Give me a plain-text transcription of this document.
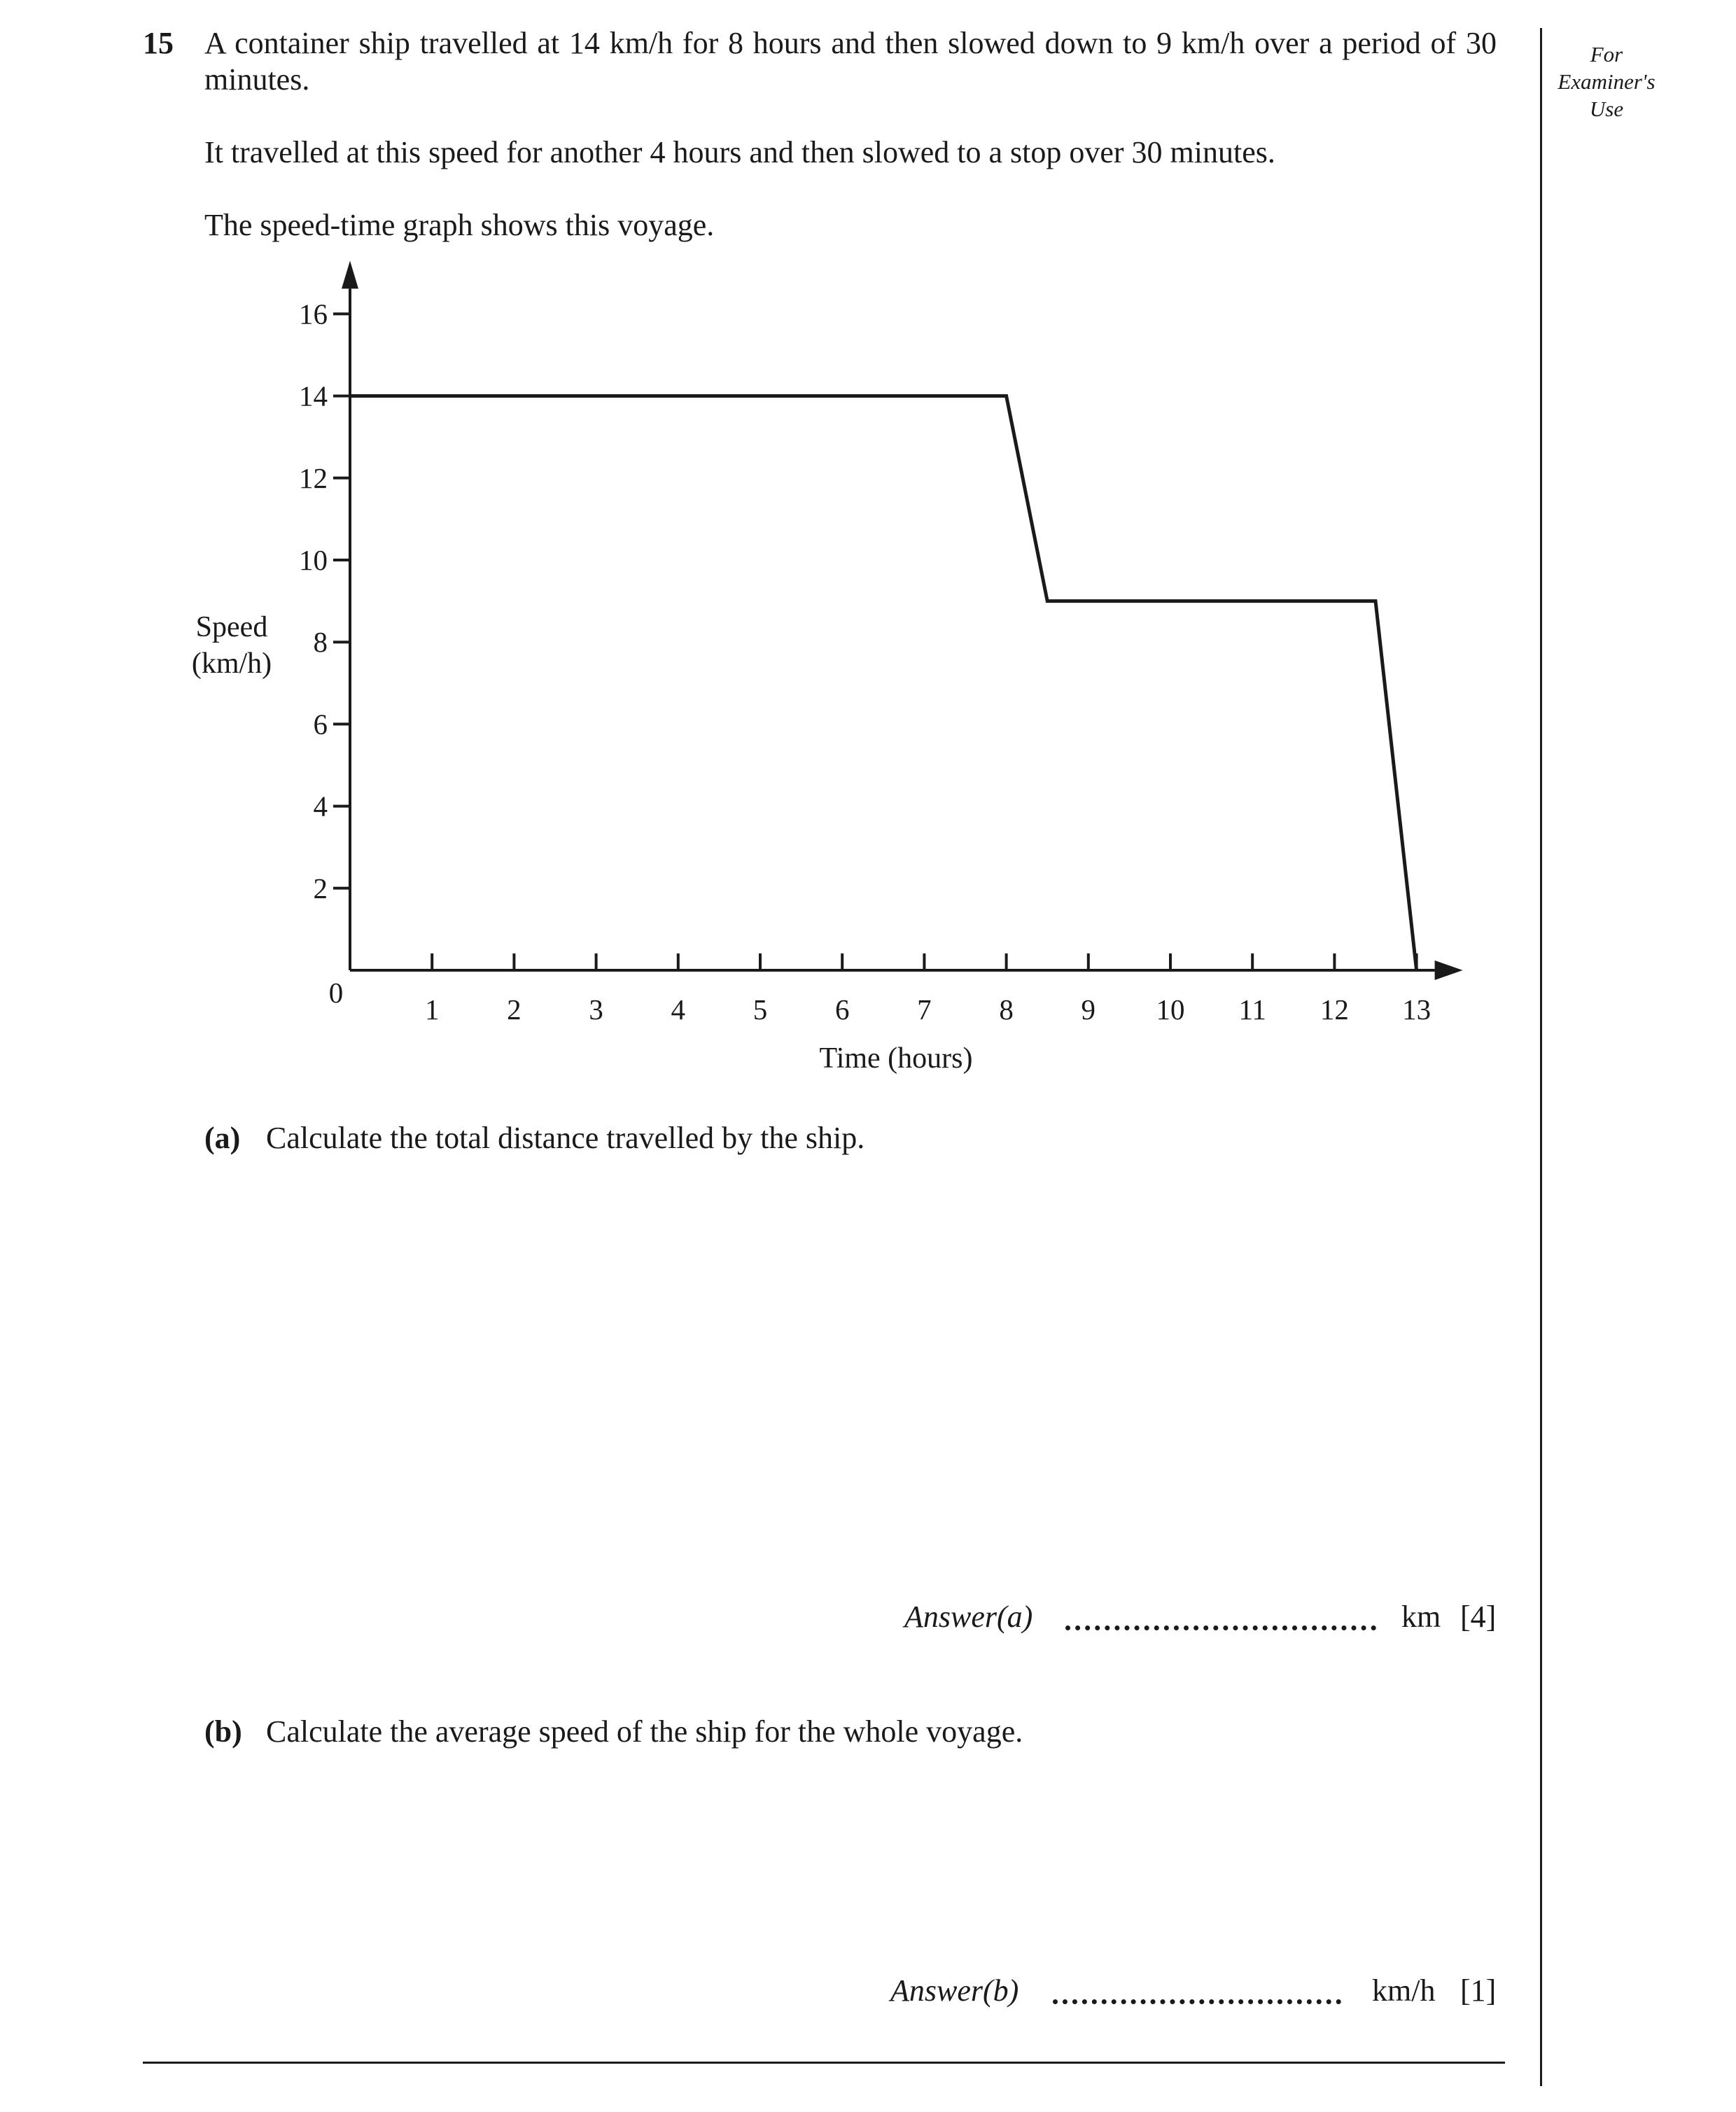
15 A container ship travelled at 14 km/h for 8 hours and then slowed down to 9 km/h over a period of 30 minutes.
It travelled at this speed for another 4 hours and then slowed to a stop over 30 minutes.
The speed-time graph shows this voyage.
For
Examiner's
Use
1 2 3 4 5 6 7 8 9 10 11 12 13
2
4
6
8
10
12
14
16
0
Speed
(km/h)
Time (hours)
(a) Calculate the total distance travelled by the ship.
Answer(a)	km [4]
(b) Calculate the average speed of the ship for the whole voyage.
Answer(b)	km/h [1]
